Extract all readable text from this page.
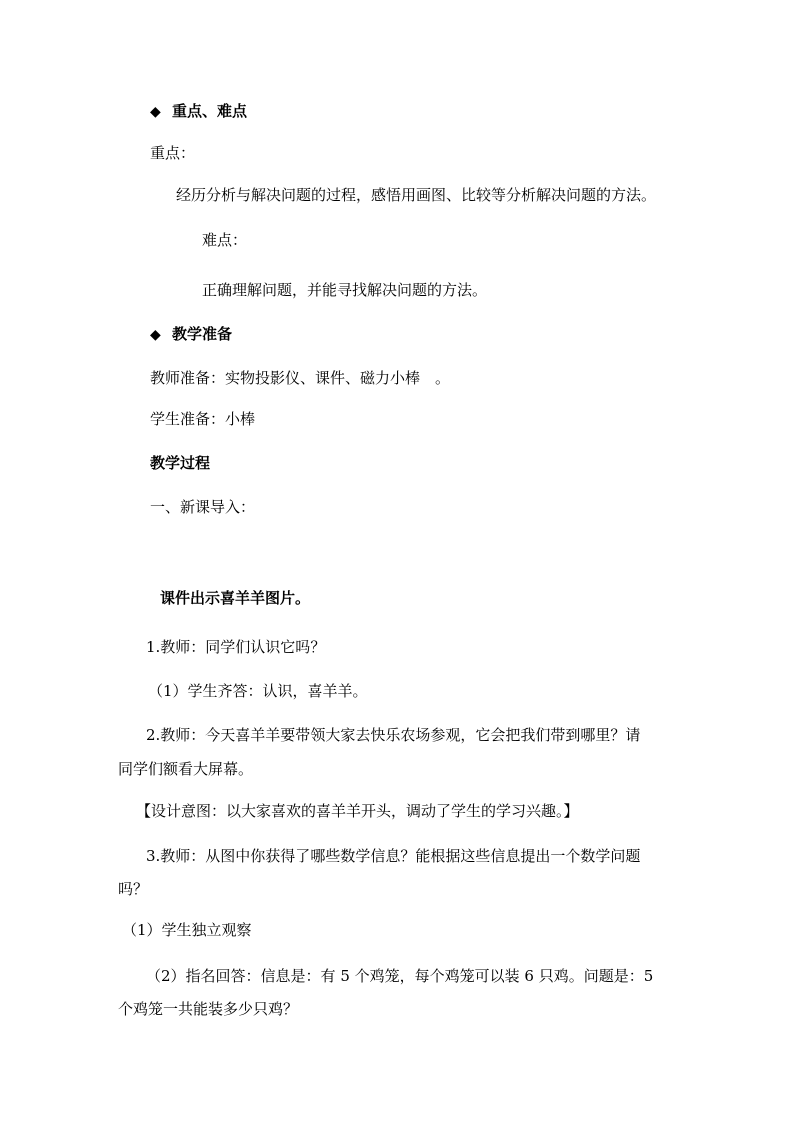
◆ 重点、难点
重点：
经历分析与解决问题的过程，感悟用画图、比较等分析解决问题的方法。
难点：
正确理解问题，并能寻找解决问题的方法。
◆ 教学准备
教师准备：实物投影仪、课件、磁力小棒　。
学生准备：小棒
教学过程
一、新课导入：
课件出示喜羊羊图片。
1.教师：同学们认识它吗？
（1）学生齐答：认识，喜羊羊。
2.教师：今天喜羊羊要带领大家去快乐农场参观，它会把我们带到哪里？请
同学们额看大屏幕。
【设计意图：以大家喜欢的喜羊羊开头，调动了学生的学习兴趣。】
3.教师：从图中你获得了哪些数学信息？能根据这些信息提出一个数学问题
吗？
（1）学生独立观察
（2）指名回答：信息是：有 5 个鸡笼，每个鸡笼可以装 6 只鸡。问题是：5
个鸡笼一共能装多少只鸡？
